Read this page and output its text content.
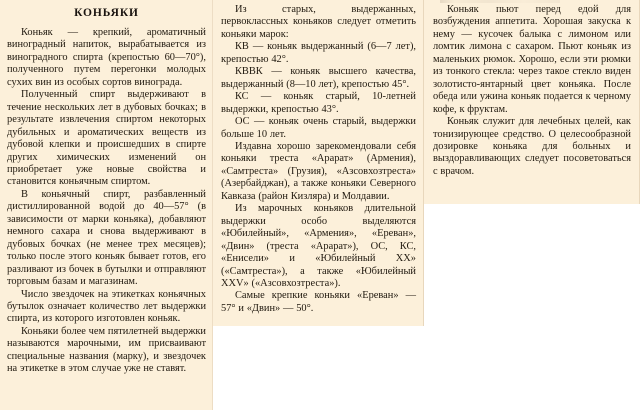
КОНЬЯКИ

Коньяк — крепкий, ароматичный виноградный напиток, вырабатывается из виноградного спирта (крепостью 60—70°), полученного путем перегонки молодых сухих вин из особых сортов винограда.

Полученный спирт выдерживают в течение нескольких лет в дубовых бочках; в результате извлечения спиртом некоторых дубильных и ароматических веществ из дубовой клепки и происшедших в спирте других химических изменений он приобретает уже новые свойства и становится коньячным спиртом.

В коньячный спирт, разбавленный дистиллированной водой до 40—57° (в зависимости от марки коньяка), добавляют немного сахара и снова выдерживают в дубовых бочках (не менее трех месяцев); только после этого коньяк бывает готов, его разливают из бочек в бутылки и отправляют торговым базам и магазинам.

Число звездочек на этикетках коньячных бутылок означает количество лет выдержки спирта, из которого изготовлен коньяк.

Коньяки более чем пятилетней выдержки называются марочными, им присваивают специальные названия (марку), и звездочек на этикетке в этом случае уже не ставят.

Из старых, выдержанных, первоклассных коньяков следует отметить коньяки марок:

КВ — коньяк выдержанный (6—7 лет), крепостью 42°.

КВВК — коньяк высшего качества, выдержанный (8—10 лет), крепостью 45°.

КС — коньяк старый, 10-летней выдержки, крепостью 43°.

ОС — коньяк очень старый, выдержки больше 10 лет.

Издавна хорошо зарекомендовали себя коньяки треста «Арарат» (Армения), «Самтреста» (Грузия), «Азсовхозтреста» (Азербайджан), а также коньяки Северного Кавказа (район Кизляра) и Молдавии.

Из марочных коньяков длительной выдержки особо выделяются «Юбилейный», «Армения», «Ереван», «Двин» (треста «Арарат»), ОС, КС, «Енисели» и «Юбилейный ХХ» («Самтреста»), а также «Юбилейный XXV» («Азсовхозтреста»).

Самые крепкие коньяки «Ереван» — 57° и «Двин» — 50°.

Коньяк пьют перед едой для возбуждения аппетита. Хорошая закуска к нему — кусочек балыка с лимоном или ломтик лимона с сахаром. Пьют коньяк из маленьких рюмок. Хорошо, если эти рюмки из тонкого стекла: через такое стекло виден золотисто-янтарный цвет коньяка. После обеда или ужина коньяк подается к черному кофе, к фруктам.

Коньяк служит для лечебных целей, как тонизирующее средство. О целесообразной дозировке коньяка для больных и выздоравливающих следует посоветоваться с врачом.
